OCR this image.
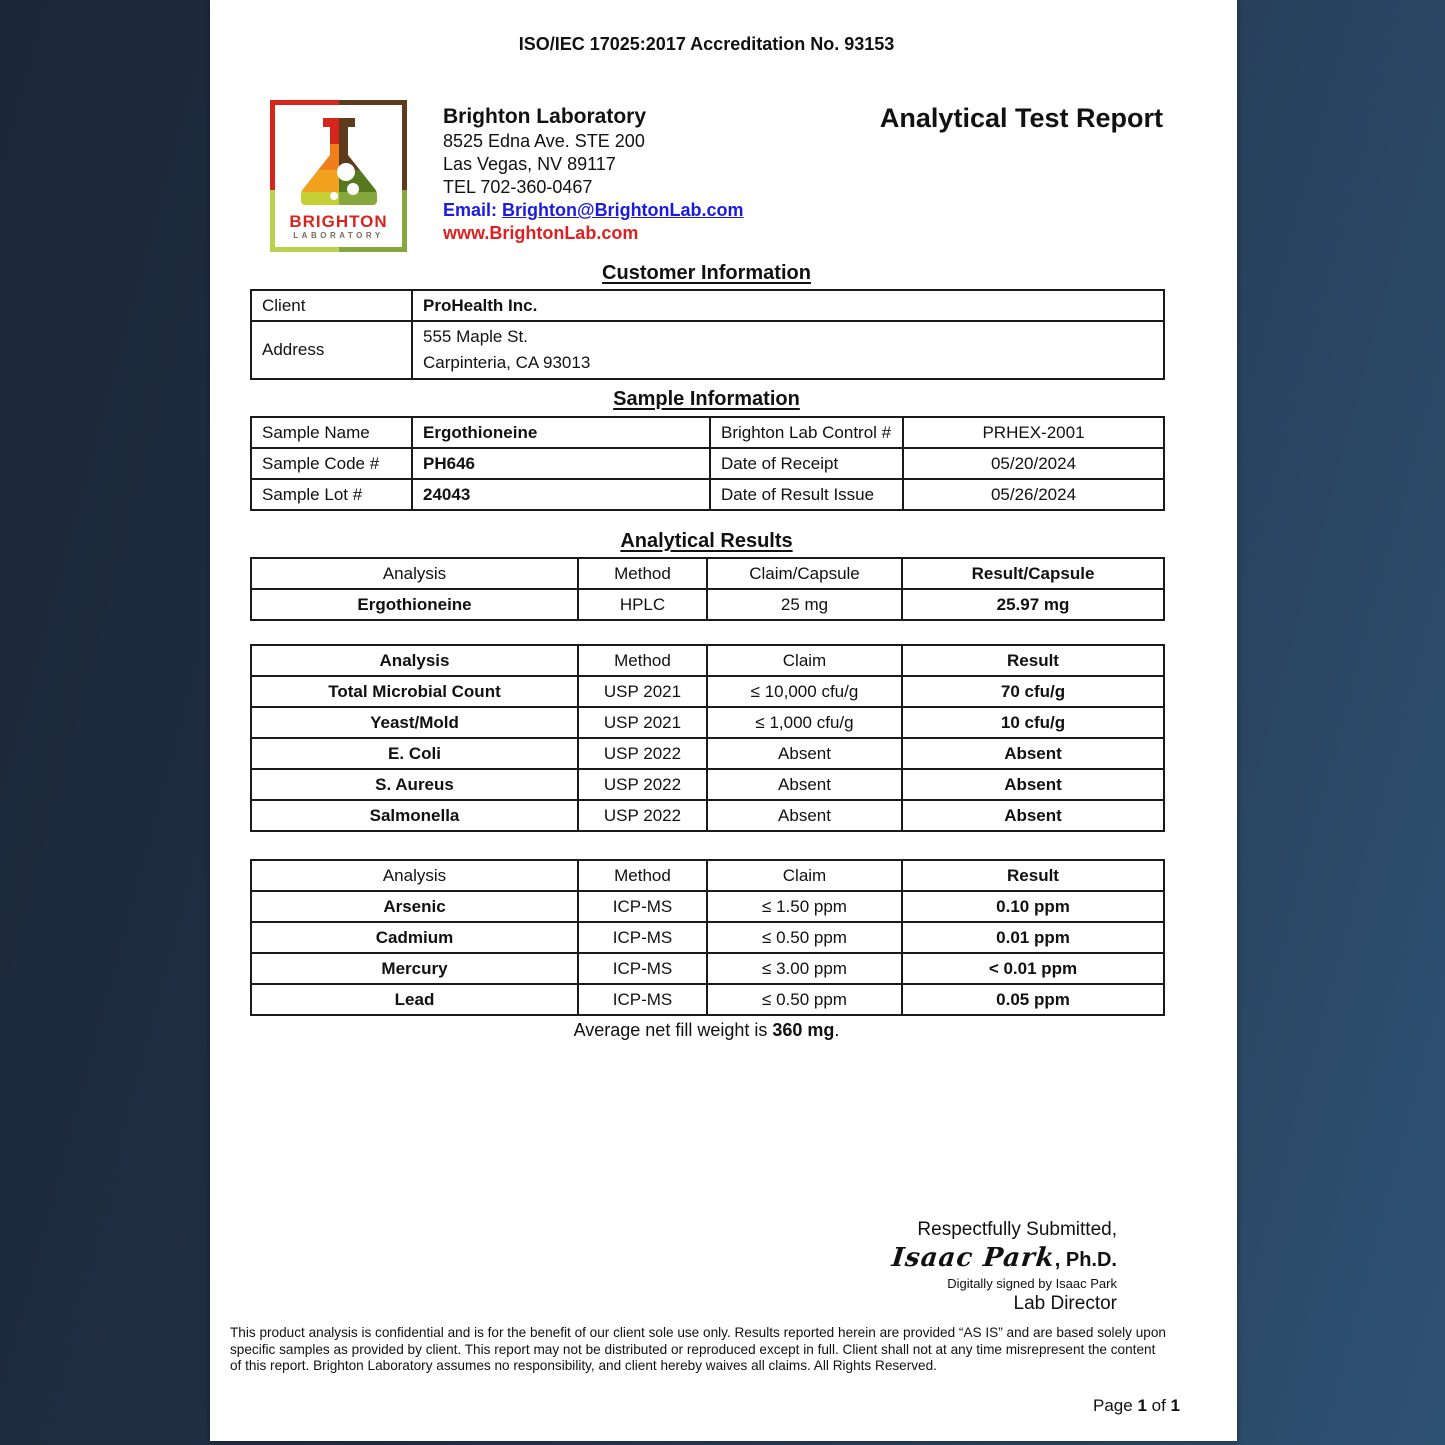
ISO/IEC 17025:2017 Accreditation No. 93153
BRIGHTON
LABORATORY
Brighton Laboratory
8525 Edna Ave. STE 200
Las Vegas, NV 89117
TEL 702-360-0467
Email: Brighton@BrightonLab.com
www.BrightonLab.com
Analytical Test Report
Customer Information
Client	ProHealth Inc.
Address	555 Maple St.
Carpinteria, CA 93013
Sample Information
Sample Name	Ergothioneine	Brighton Lab Control #	PRHEX-2001
Sample Code #	PH646	Date of Receipt	05/20/2024
Sample Lot #	24043	Date of Result Issue	05/26/2024
Analytical Results
Analysis	Method	Claim/Capsule	Result/Capsule
Ergothioneine	HPLC	25 mg	25.97 mg
Analysis	Method	Claim	Result
Total Microbial Count	USP 2021	≤ 10,000 cfu/g	70 cfu/g
Yeast/Mold	USP 2021	≤ 1,000 cfu/g	10 cfu/g
E. Coli	USP 2022	Absent	Absent
S. Aureus	USP 2022	Absent	Absent
Salmonella	USP 2022	Absent	Absent
Analysis	Method	Claim	Result
Arsenic	ICP-MS	≤ 1.50 ppm	0.10 ppm
Cadmium	ICP-MS	≤ 0.50 ppm	0.01 ppm
Mercury	ICP-MS	≤ 3.00 ppm	< 0.01 ppm
Lead	ICP-MS	≤ 0.50 ppm	0.05 ppm
Average net fill weight is 360 mg.
Respectfully Submitted,
Isaac Park, Ph.D.
Digitally signed by Isaac Park
Lab Director
This product analysis is confidential and is for the benefit of our client sole use only. Results reported herein are provided “AS IS” and are based solely upon specific samples as provided by client. This report may not be distributed or reproduced except in full. Client shall not at any time misrepresent the content of this report. Brighton Laboratory assumes no responsibility, and client hereby waives all claims. All Rights Reserved.
Page 1 of 1
